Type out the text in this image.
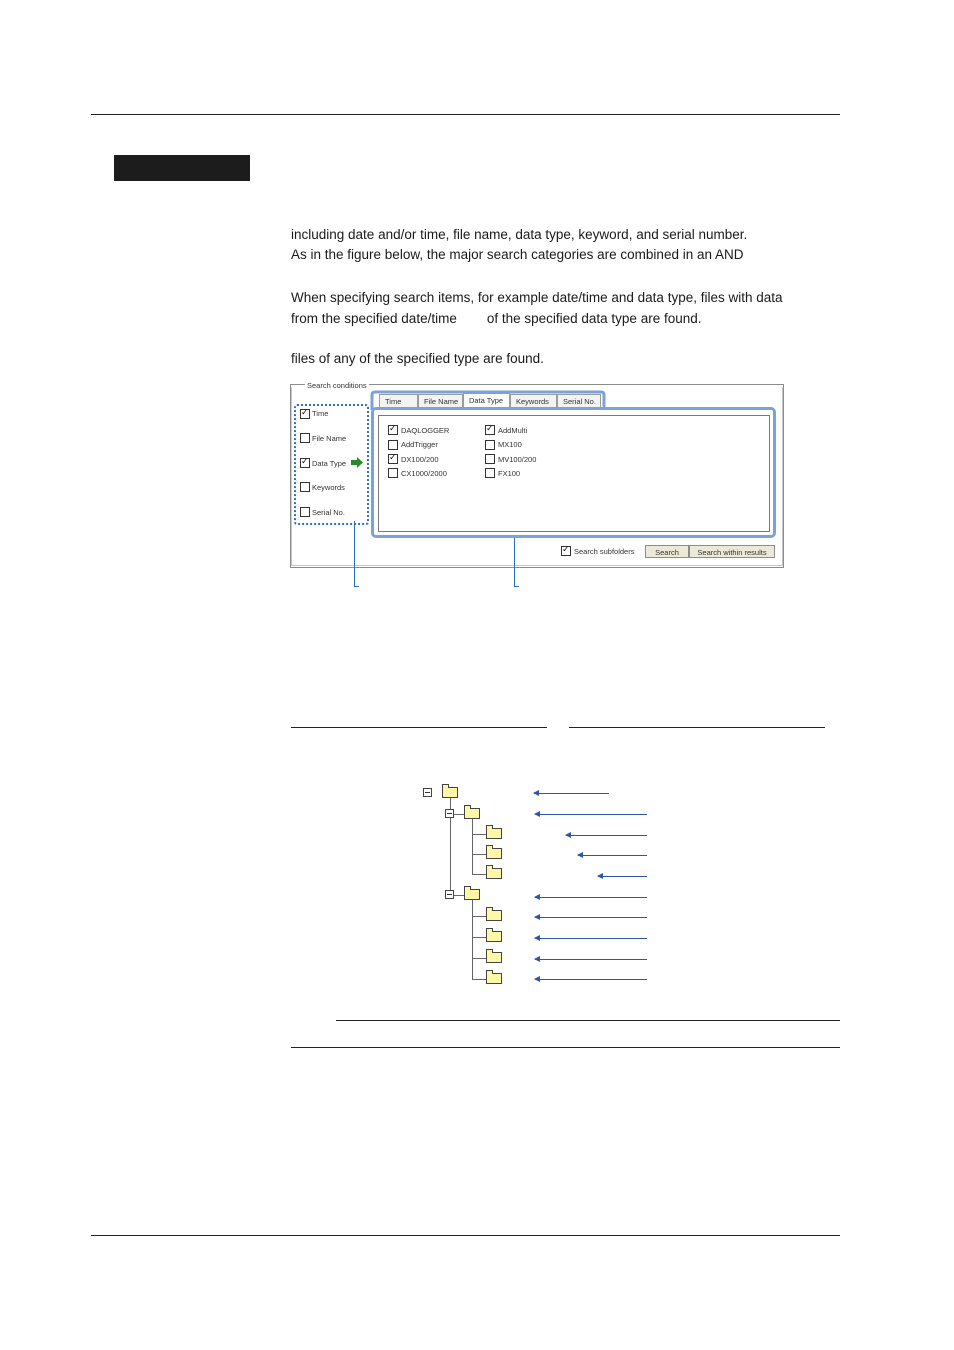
including date and/or time, file name, data type, keyword, and serial number.
As in the figure below, the major search categories are combined in an AND
When specifying search items, for example date/time and data type, files with data
from the specified date/time        of the specified data type are found.
files of any of the specified type are found.
Search conditions
✓
Time
File Name
✓
Data Type
Keywords
Serial No.
Time	File Name	Data Type	Keywords	Serial No.
✓
DAQLOGGER
AddTrigger
✓
DX100/200
CX1000/2000
✓
AddMulti
MX100
MV100/200
FX100
✓
Search subfolders	Search	Search within results
